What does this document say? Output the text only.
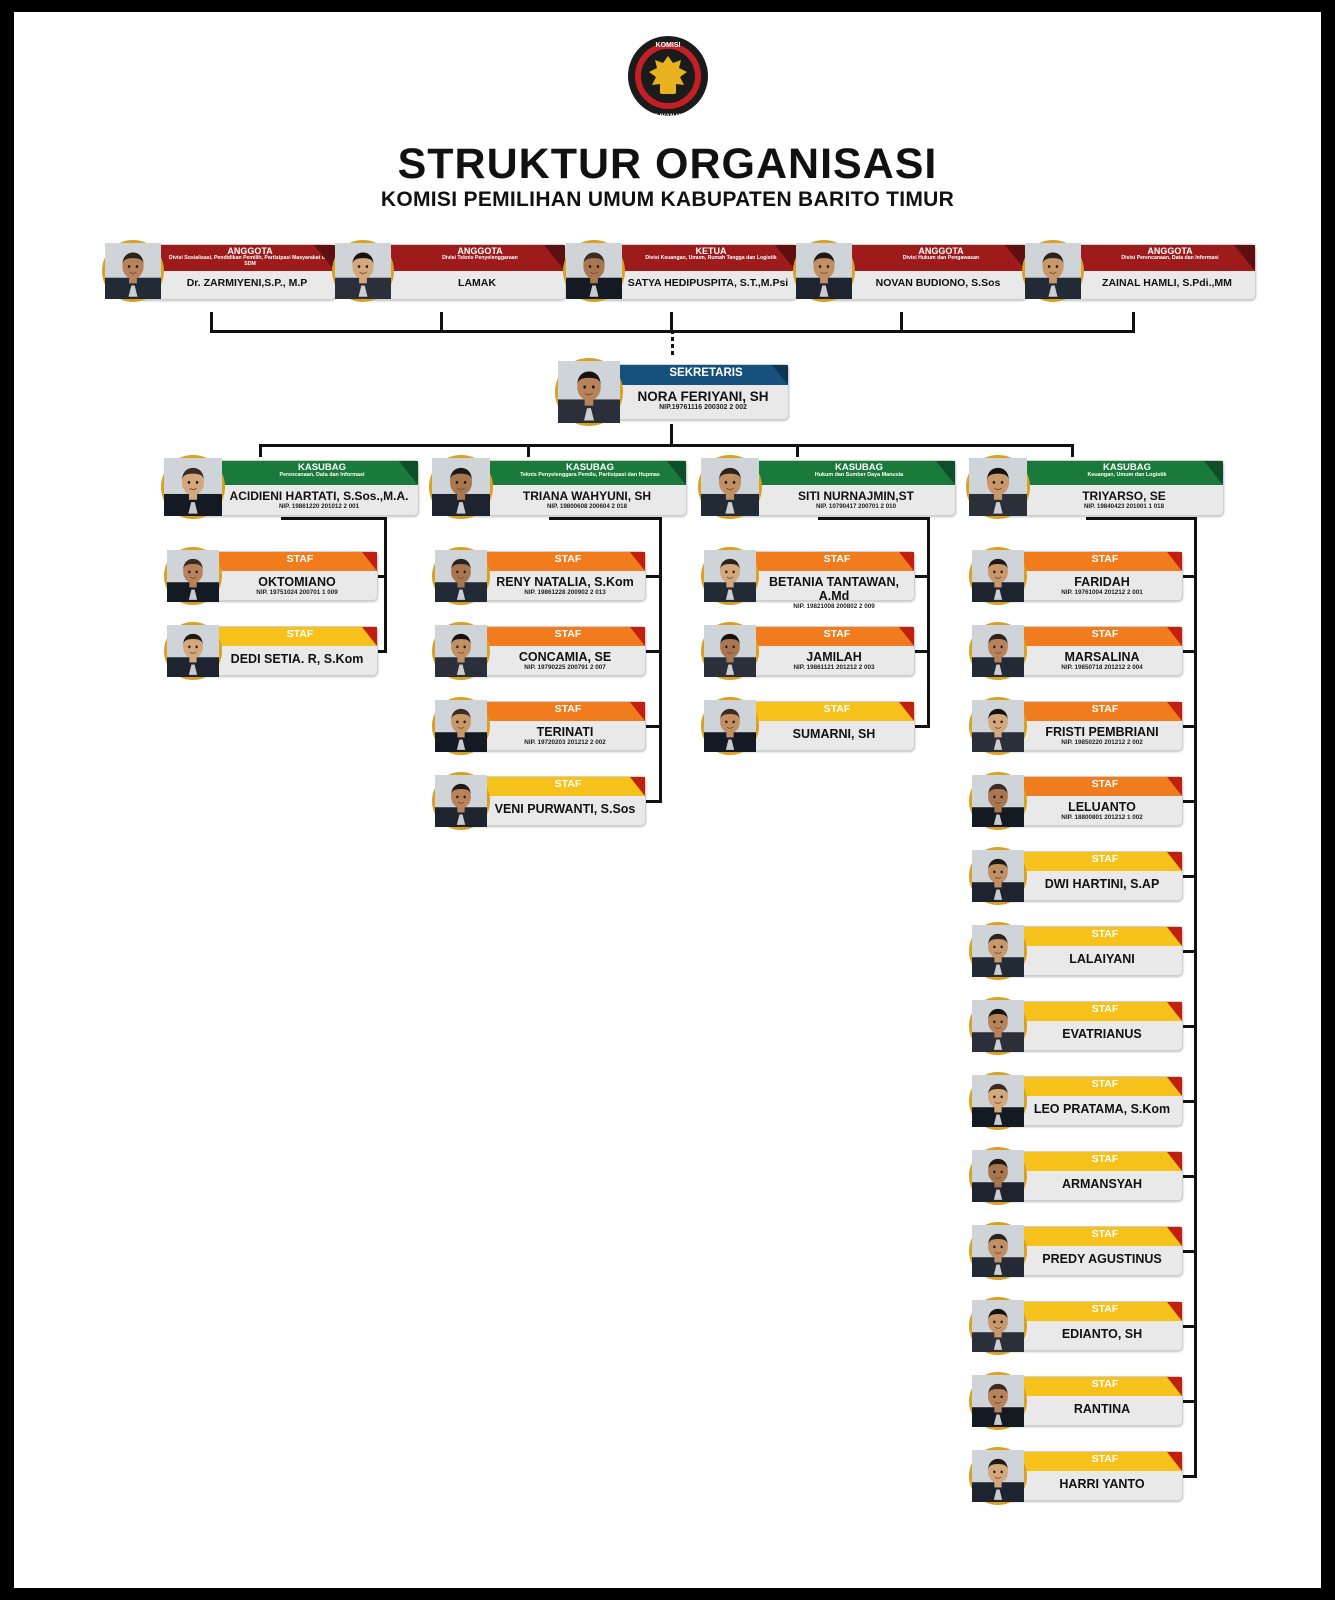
KOMISI
PEMILIHAN UMUM
STRUKTUR ORGANISASI
KOMISI PEMILIHAN UMUM KABUPATEN BARITO TIMUR
ANGGOTA
Divisi Sosialisasi, Pendidikan Pemilih, Partisipasi Masyarakat dan SDM
Dr. ZARMIYENI,S.P., M.P
ANGGOTA
Divisi Teknis Penyelenggaraan
LAMAK
KETUA
Divisi Keuangan, Umum, Rumah Tangga dan Logistik
SATYA HEDIPUSPITA, S.T.,M.Psi
ANGGOTA
Divisi Hukum dan Pengawasan
NOVAN BUDIONO, S.Sos
ANGGOTA
Divisi Perencanaan, Data dan Informasi
ZAINAL HAMLI, S.Pdi.,MM
SEKRETARIS
NORA FERIYANI, SH
NIP.19761116 200302 2 002
KASUBAG
Perencanaan, Data dan Informasi
ACIDIENI HARTATI, S.Sos.,M.A.
NIP. 19861220 201012 2 001
KASUBAG
Teknis Penyelenggara Pemilu, Partisipasi dan Hupmas
TRIANA WAHYUNI, SH
NIP. 19800608 200604 2 018
KASUBAG
Hukum dan Sumber Daya Manusia
SITI NURNAJMIN,ST
NIP. 10790417 200701 2 010
KASUBAG
Keuangan, Umum dan Logistik
TRIYARSO, SE
NIP. 19840423 201001 1 018
STAF
OKTOMIANO
NIP. 19751024 200701 1 009
STAF
DEDI SETIA. R, S.Kom
STAF
RENY NATALIA, S.Kom
NIP. 19861228 200902 2 013
STAF
CONCAMIA, SE
NIP. 19790225 200791 2 007
STAF
TERINATI
NIP. 19720203 201212 2 002
STAF
VENI PURWANTI, S.Sos
STAF
BETANIA TANTAWAN, A.Md
NIP. 19821008 200802 2 009
STAF
JAMILAH
NIP. 19861121 201212 2 003
STAF
SUMARNI, SH
STAF
FARIDAH
NIP. 19761004 201212 2 001
STAF
MARSALINA
NIP. 19850718 201212 2 004
STAF
FRISTI PEMBRIANI
NIP. 19850220 201212 2 002
STAF
LELUANTO
NIP. 18800801 201212 1 002
STAF
DWI HARTINI, S.AP
STAF
LALAIYANI
STAF
EVATRIANUS
STAF
LEO PRATAMA, S.Kom
STAF
ARMANSYAH
STAF
PREDY AGUSTINUS
STAF
EDIANTO, SH
STAF
RANTINA
STAF
HARRI YANTO
